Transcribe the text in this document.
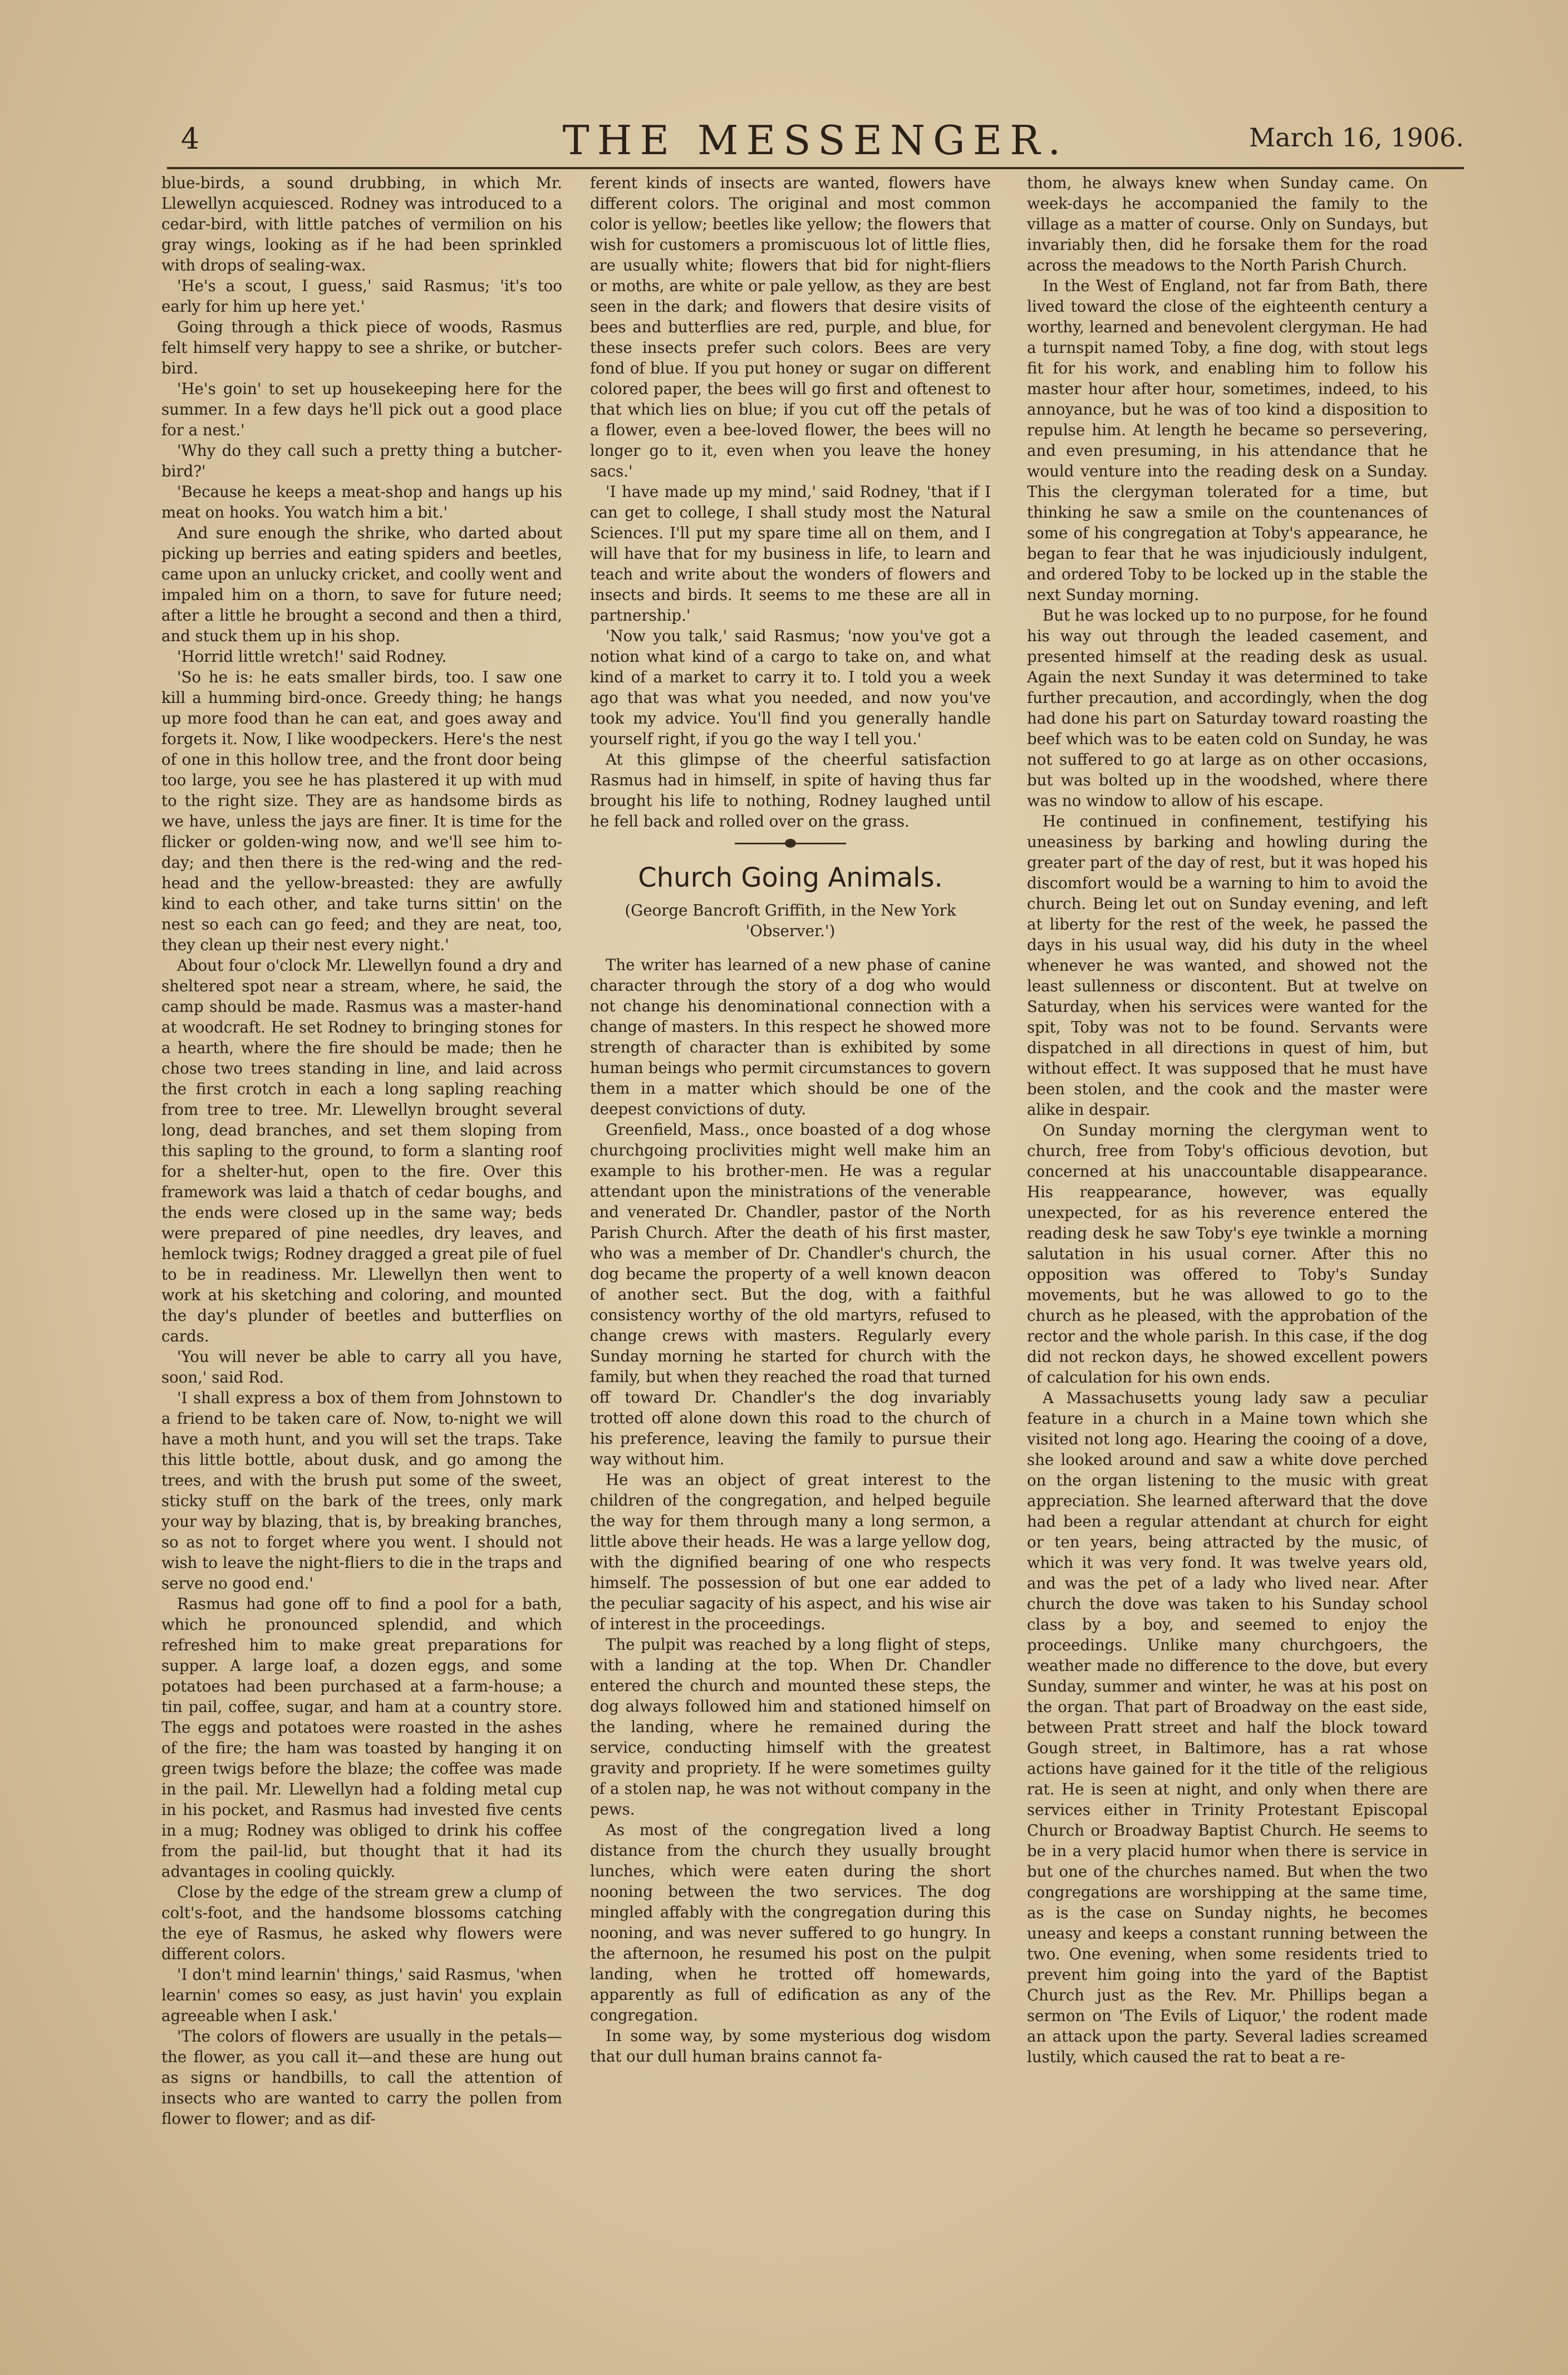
4	THE MESSENGER.	March 16, 1906.

blue-birds, a sound drubbing, in which Mr. Llewellyn acquiesced. Rodney was introduced to a cedar-bird, with little patches of vermilion on his gray wings, looking as if he had been sprinkled with drops of sealing-wax.

'He's a scout, I guess,' said Rasmus; 'it's too early for him up here yet.'

Going through a thick piece of woods, Rasmus felt himself very happy to see a shrike, or butcher-bird.

'He's goin' to set up housekeeping here for the summer. In a few days he'll pick out a good place for a nest.'

'Why do they call such a pretty thing a butcher-bird?'

'Because he keeps a meat-shop and hangs up his meat on hooks. You watch him a bit.'

And sure enough the shrike, who darted about picking up berries and eating spiders and beetles, came upon an unlucky cricket, and coolly went and impaled him on a thorn, to save for future need; after a little he brought a second and then a third, and stuck them up in his shop.

'Horrid little wretch!' said Rodney.

'So he is: he eats smaller birds, too. I saw one kill a humming bird-once. Greedy thing; he hangs up more food than he can eat, and goes away and forgets it. Now, I like woodpeckers. Here's the nest of one in this hollow tree, and the front door being too large, you see he has plastered it up with mud to the right size. They are as handsome birds as we have, unless the jays are finer. It is time for the flicker or golden-wing now, and we'll see him to-day; and then there is the red-wing and the red-head and the yellow-breasted: they are awfully kind to each other, and take turns sittin' on the nest so each can go feed; and they are neat, too, they clean up their nest every night.'

About four o'clock Mr. Llewellyn found a dry and sheltered spot near a stream, where, he said, the camp should be made. Rasmus was a master-hand at woodcraft. He set Rodney to bringing stones for a hearth, where the fire should be made; then he chose two trees standing in line, and laid across the first crotch in each a long sapling reaching from tree to tree. Mr. Llewellyn brought several long, dead branches, and set them sloping from this sapling to the ground, to form a slanting roof for a shelter-hut, open to the fire. Over this framework was laid a thatch of cedar boughs, and the ends were closed up in the same way; beds were prepared of pine needles, dry leaves, and hemlock twigs; Rodney dragged a great pile of fuel to be in readiness. Mr. Llewellyn then went to work at his sketching and coloring, and mounted the day's plunder of beetles and butterflies on cards.

'You will never be able to carry all you have, soon,' said Rod.

'I shall express a box of them from Johnstown to a friend to be taken care of. Now, to-night we will have a moth hunt, and you will set the traps. Take this little bottle, about dusk, and go among the trees, and with the brush put some of the sweet, sticky stuff on the bark of the trees, only mark your way by blazing, that is, by breaking branches, so as not to forget where you went. I should not wish to leave the night-fliers to die in the traps and serve no good end.'

Rasmus had gone off to find a pool for a bath, which he pronounced splendid, and which refreshed him to make great preparations for supper. A large loaf, a dozen eggs, and some potatoes had been purchased at a farm-house; a tin pail, coffee, sugar, and ham at a country store. The eggs and potatoes were roasted in the ashes of the fire; the ham was toasted by hanging it on green twigs before the blaze; the coffee was made in the pail. Mr. Llewellyn had a folding metal cup in his pocket, and Rasmus had invested five cents in a mug; Rodney was obliged to drink his coffee from the pail-lid, but thought that it had its advantages in cooling quickly.

Close by the edge of the stream grew a clump of colt's-foot, and the handsome blossoms catching the eye of Rasmus, he asked why flowers were different colors.

'I don't mind learnin' things,' said Rasmus, 'when learnin' comes so easy, as just havin' you explain agreeable when I ask.'

'The colors of flowers are usually in the petals—the flower, as you call it—and these are hung out as signs or handbills, to call the attention of insects who are wanted to carry the pollen from flower to flower; and as dif-

ferent kinds of insects are wanted, flowers have different colors. The original and most common color is yellow; beetles like yellow; the flowers that wish for customers a promiscuous lot of little flies, are usually white; flowers that bid for night-fliers or moths, are white or pale yellow, as they are best seen in the dark; and flowers that desire visits of bees and butterflies are red, purple, and blue, for these insects prefer such colors. Bees are very fond of blue. If you put honey or sugar on different colored paper, the bees will go first and oftenest to that which lies on blue; if you cut off the petals of a flower, even a bee-loved flower, the bees will no longer go to it, even when you leave the honey sacs.'

'I have made up my mind,' said Rodney, 'that if I can get to college, I shall study most the Natural Sciences. I'll put my spare time all on them, and I will have that for my business in life, to learn and teach and write about the wonders of flowers and insects and birds. It seems to me these are all in partnership.'

'Now you talk,' said Rasmus; 'now you've got a notion what kind of a cargo to take on, and what kind of a market to carry it to. I told you a week ago that was what you needed, and now you've took my advice. You'll find you generally handle yourself right, if you go the way I tell you.'

At this glimpse of the cheerful satisfaction Rasmus had in himself, in spite of having thus far brought his life to nothing, Rodney laughed until he fell back and rolled over on the grass.

Church Going Animals.
(George Bancroft Griffith, in the New York 'Observer.')

The writer has learned of a new phase of canine character through the story of a dog who would not change his denominational connection with a change of masters. In this respect he showed more strength of character than is exhibited by some human beings who permit circumstances to govern them in a matter which should be one of the deepest convictions of duty.

Greenfield, Mass., once boasted of a dog whose churchgoing proclivities might well make him an example to his brother-men. He was a regular attendant upon the ministrations of the venerable and venerated Dr. Chandler, pastor of the North Parish Church. After the death of his first master, who was a member of Dr. Chandler's church, the dog became the property of a well known deacon of another sect. But the dog, with a faithful consistency worthy of the old martyrs, refused to change crews with masters. Regularly every Sunday morning he started for church with the family, but when they reached the road that turned off toward Dr. Chandler's the dog invariably trotted off alone down this road to the church of his preference, leaving the family to pursue their way without him.

He was an object of great interest to the children of the congregation, and helped beguile the way for them through many a long sermon, a little above their heads. He was a large yellow dog, with the dignified bearing of one who respects himself. The possession of but one ear added to the peculiar sagacity of his aspect, and his wise air of interest in the proceedings.

The pulpit was reached by a long flight of steps, with a landing at the top. When Dr. Chandler entered the church and mounted these steps, the dog always followed him and stationed himself on the landing, where he remained during the service, conducting himself with the greatest gravity and propriety. If he were sometimes guilty of a stolen nap, he was not without company in the pews.

As most of the congregation lived a long distance from the church they usually brought lunches, which were eaten during the short nooning between the two services. The dog mingled affably with the congregation during this nooning, and was never suffered to go hungry. In the afternoon, he resumed his post on the pulpit landing, when he trotted off homewards, apparently as full of edification as any of the congregation.

In some way, by some mysterious dog wisdom that our dull human brains cannot fa-

thom, he always knew when Sunday came. On week-days he accompanied the family to the village as a matter of course. Only on Sundays, but invariably then, did he forsake them for the road across the meadows to the North Parish Church.

In the West of England, not far from Bath, there lived toward the close of the eighteenth century a worthy, learned and benevolent clergyman. He had a turnspit named Toby, a fine dog, with stout legs fit for his work, and enabling him to follow his master hour after hour, sometimes, indeed, to his annoyance, but he was of too kind a disposition to repulse him. At length he became so persevering, and even presuming, in his attendance that he would venture into the reading desk on a Sunday. This the clergyman tolerated for a time, but thinking he saw a smile on the countenances of some of his congregation at Toby's appearance, he began to fear that he was injudiciously indulgent, and ordered Toby to be locked up in the stable the next Sunday morning.

But he was locked up to no purpose, for he found his way out through the leaded casement, and presented himself at the reading desk as usual. Again the next Sunday it was determined to take further precaution, and accordingly, when the dog had done his part on Saturday toward roasting the beef which was to be eaten cold on Sunday, he was not suffered to go at large as on other occasions, but was bolted up in the woodshed, where there was no window to allow of his escape.

He continued in confinement, testifying his uneasiness by barking and howling during the greater part of the day of rest, but it was hoped his discomfort would be a warning to him to avoid the church. Being let out on Sunday evening, and left at liberty for the rest of the week, he passed the days in his usual way, did his duty in the wheel whenever he was wanted, and showed not the least sullenness or discontent. But at twelve on Saturday, when his services were wanted for the spit, Toby was not to be found. Servants were dispatched in all directions in quest of him, but without effect. It was supposed that he must have been stolen, and the cook and the master were alike in despair.

On Sunday morning the clergyman went to church, free from Toby's officious devotion, but concerned at his unaccountable disappearance. His reappearance, however, was equally unexpected, for as his reverence entered the reading desk he saw Toby's eye twinkle a morning salutation in his usual corner. After this no opposition was offered to Toby's Sunday movements, but he was allowed to go to the church as he pleased, with the approbation of the rector and the whole parish. In this case, if the dog did not reckon days, he showed excellent powers of calculation for his own ends.

A Massachusetts young lady saw a peculiar feature in a church in a Maine town which she visited not long ago. Hearing the cooing of a dove, she looked around and saw a white dove perched on the organ listening to the music with great appreciation. She learned afterward that the dove had been a regular attendant at church for eight or ten years, being attracted by the music, of which it was very fond. It was twelve years old, and was the pet of a lady who lived near. After church the dove was taken to his Sunday school class by a boy, and seemed to enjoy the proceedings. Unlike many churchgoers, the weather made no difference to the dove, but every Sunday, summer and winter, he was at his post on the organ. That part of Broadway on the east side, between Pratt street and half the block toward Gough street, in Baltimore, has a rat whose actions have gained for it the title of the religious rat. He is seen at night, and only when there are services either in Trinity Protestant Episcopal Church or Broadway Baptist Church. He seems to be in a very placid humor when there is service in but one of the churches named. But when the two congregations are worshipping at the same time, as is the case on Sunday nights, he becomes uneasy and keeps a constant running between the two. One evening, when some residents tried to prevent him going into the yard of the Baptist Church just as the Rev. Mr. Phillips began a sermon on 'The Evils of Liquor,' the rodent made an attack upon the party. Several ladies screamed lustily, which caused the rat to beat a re-
